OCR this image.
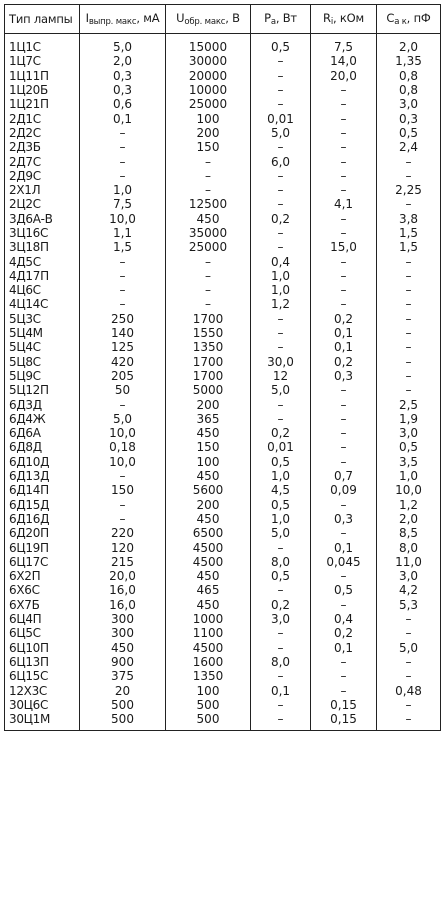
Тип лампы	$I_{выпр. макс}$, мА	$U_{обр. макс}$, В	$P_a$, Вт	$R_i$, кОм	$C_{a к}$, пФ
1Ц1С	5,0	15000	0,5	7,5	2,0
1Ц7С	2,0	30000	–	14,0	1,35
1Ц11П	0,3	20000	–	20,0	0,8
1Ц20Б	0,3	10000	–	–	0,8
1Ц21П	0,6	25000	–	–	3,0
2Д1С	0,1	100	0,01	–	0,3
2Д2С	–	200	5,0	–	0,5
2Д3Б	–	150	–	–	2,4
2Д7С	–	–	6,0	–	–
2Д9С	–	–	–	–	–
2Х1Л	1,0	–	–	–	2,25
2Ц2С	7,5	12500	–	4,1	–
3Д6А-В	10,0	450	0,2	–	3,8
3Ц16С	1,1	35000	–	–	1,5
3Ц18П	1,5	25000	–	15,0	1,5
4Д5С	–	–	0,4	–	–
4Д17П	–	–	1,0	–	–
4Ц6С	–	–	1,0	–	–
4Ц14С	–	–	1,2	–	–
5Ц3С	250	1700	–	0,2	–
5Ц4М	140	1550	–	0,1	–
5Ц4С	125	1350	–	0,1	–
5Ц8С	420	1700	30,0	0,2	–
5Ц9С	205	1700	12	0,3	–
5Ц12П	50	5000	5,0	–	–
6Д3Д	–	200	–	–	2,5
6Д4Ж	5,0	365	–	–	1,9
6Д6А	10,0	450	0,2	–	3,0
6Д8Д	0,18	150	0,01	–	0,5
6Д10Д	10,0	100	0,5	–	3,5
6Д13Д	–	450	1,0	0,7	1,0
6Д14П	150	5600	4,5	0,09	10,0
6Д15Д	–	200	0,5	–	1,2
6Д16Д	–	450	1,0	0,3	2,0
6Д20П	220	6500	5,0	–	8,5
6Ц19П	120	4500	–	0,1	8,0
6Ц17С	215	4500	8,0	0,045	11,0
6Х2П	20,0	450	0,5	–	3,0
6Х6С	16,0	465	–	0,5	4,2
6Х7Б	16,0	450	0,2	–	5,3
6Ц4П	300	1000	3,0	0,4	–
6Ц5С	300	1100	–	0,2	–
6Ц10П	450	4500	–	0,1	5,0
6Ц13П	900	1600	8,0	–	–
6Ц15С	375	1350	–	–	–
12Х3С	20	100	0,1	–	0,48
30Ц6С	500	500	–	0,15	–
30Ц1М	500	500	–	0,15	–
